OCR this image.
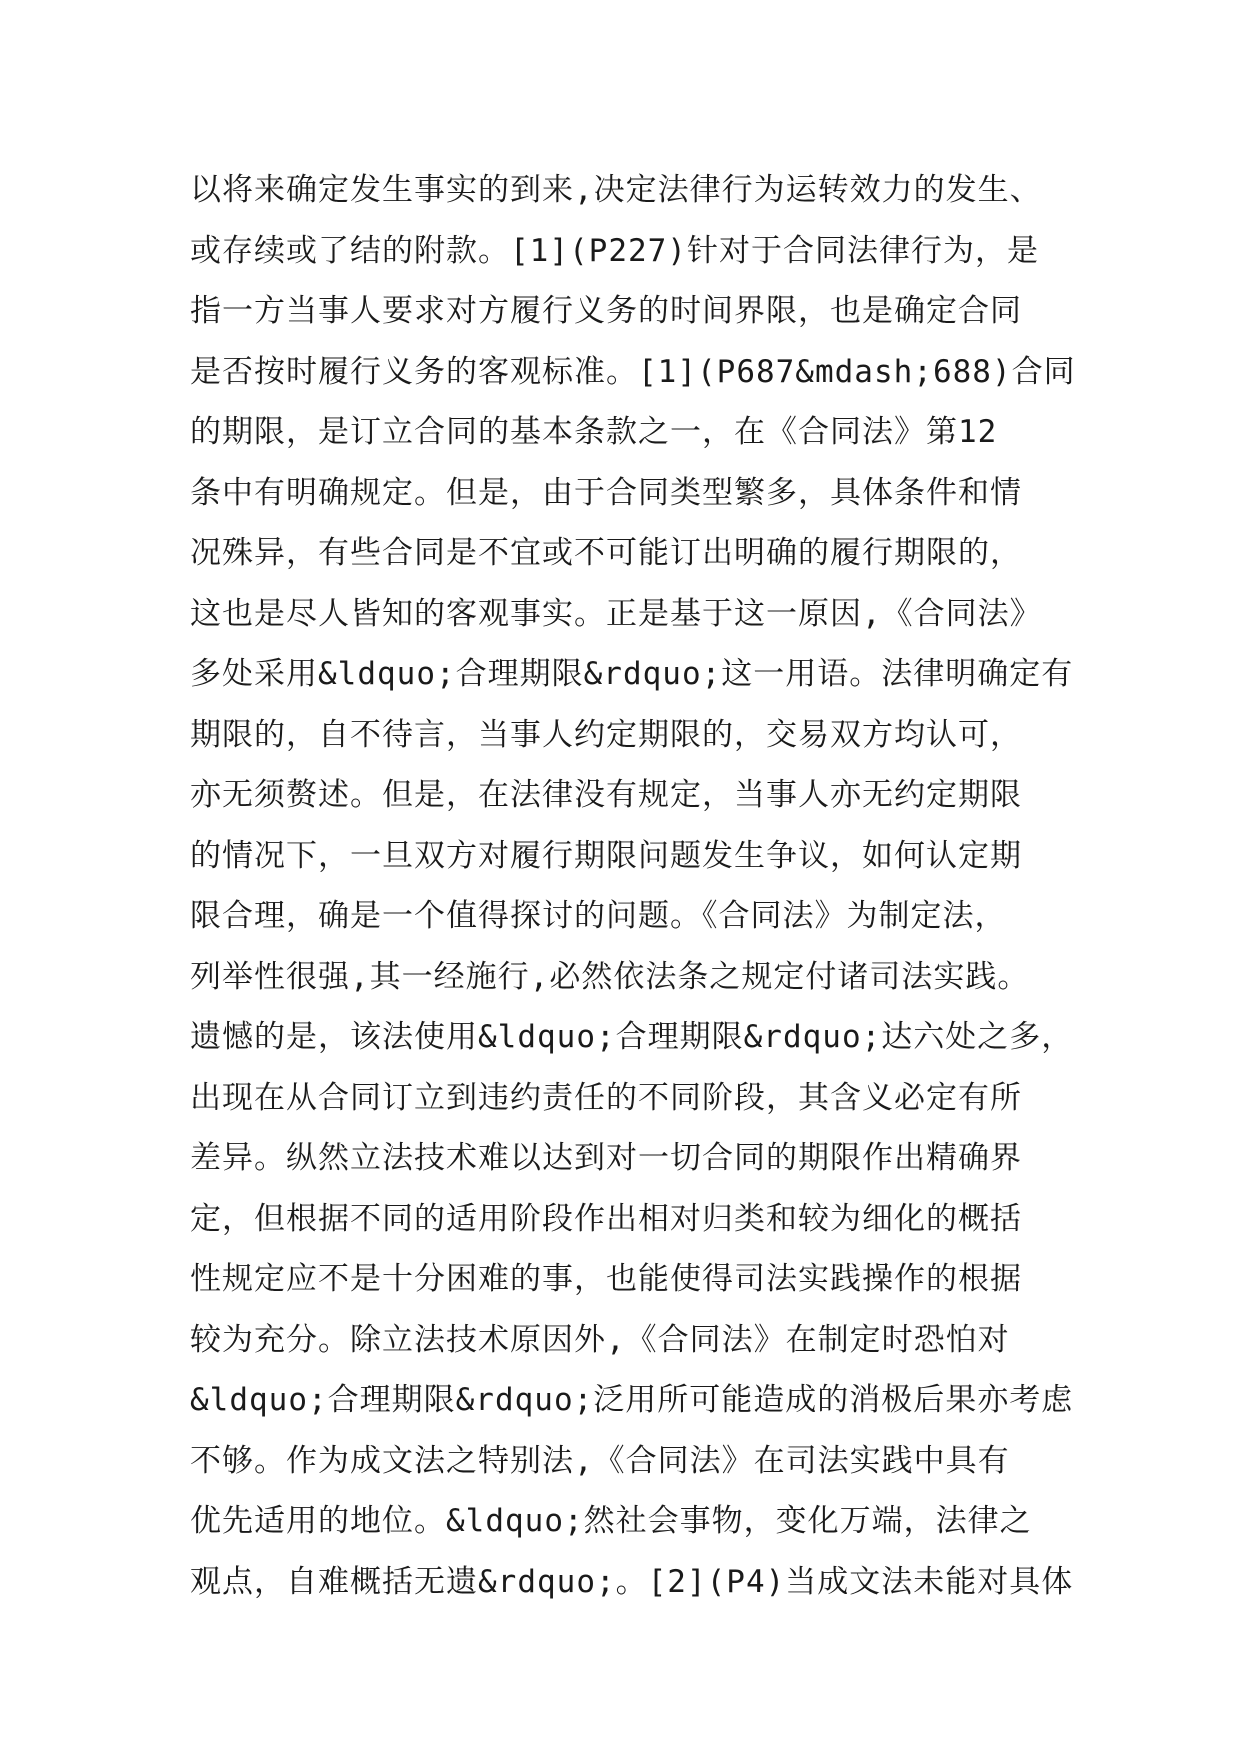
以将来确定发生事实的到来,决定法律行为运转效力的发生、
或存续或了结的附款。[1](P227)针对于合同法律行为，是
指一方当事人要求对方履行义务的时间界限，也是确定合同
是否按时履行义务的客观标准。[1](P687&mdash;688)合同
的期限，是订立合同的基本条款之一，在《合同法》第12
条中有明确规定。但是，由于合同类型繁多，具体条件和情
况殊异，有些合同是不宜或不可能订出明确的履行期限的，
这也是尽人皆知的客观事实。正是基于这一原因,《合同法》
多处采用&ldquo;合理期限&rdquo;这一用语。法律明确定有
期限的，自不待言，当事人约定期限的，交易双方均认可，
亦无须赘述。但是，在法律没有规定，当事人亦无约定期限
的情况下，一旦双方对履行期限问题发生争议，如何认定期
限合理，确是一个值得探讨的问题。《合同法》为制定法，
列举性很强,其一经施行,必然依法条之规定付诸司法实践。
遗憾的是，该法使用&ldquo;合理期限&rdquo;达六处之多，
出现在从合同订立到违约责任的不同阶段，其含义必定有所
差异。纵然立法技术难以达到对一切合同的期限作出精确界
定，但根据不同的适用阶段作出相对归类和较为细化的概括
性规定应不是十分困难的事，也能使得司法实践操作的根据
较为充分。除立法技术原因外,《合同法》在制定时恐怕对
&ldquo;合理期限&rdquo;泛用所可能造成的消极后果亦考虑
不够。作为成文法之特别法,《合同法》在司法实践中具有
优先适用的地位。&ldquo;然社会事物，变化万端，法律之
观点，自难概括无遗&rdquo;。[2](P4)当成文法未能对具体
